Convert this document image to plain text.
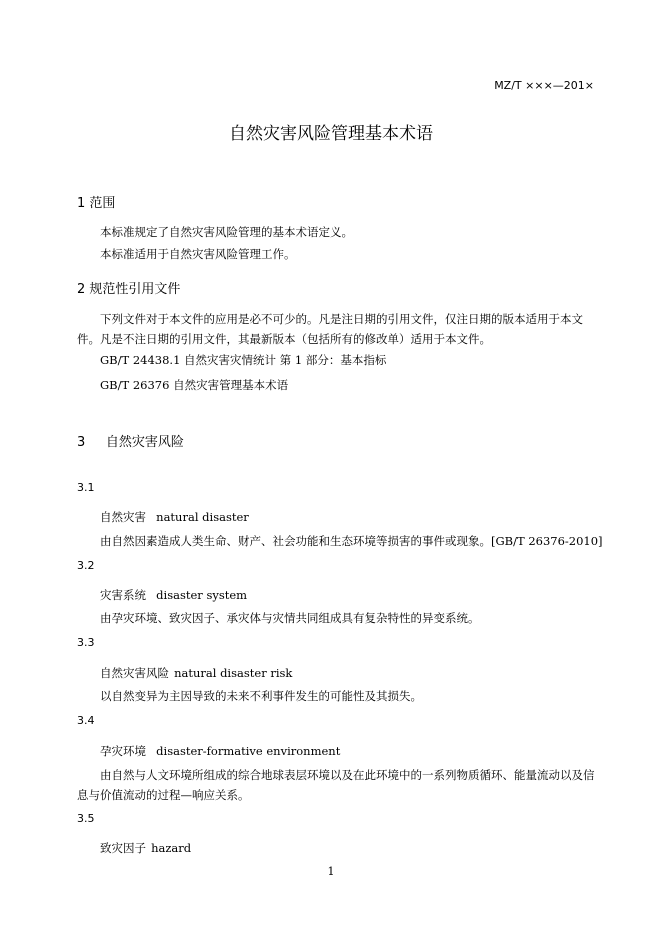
MZ/T ×××—201×
自然灾害风险管理基本术语
1 范围
本标准规定了自然灾害风险管理的基本术语定义。
本标准适用于自然灾害风险管理工作。
2 规范性引用文件
下列文件对于本文件的应用是必不可少的。凡是注日期的引用文件，仅注日期的版本适用于本文件。凡是不注日期的引用文件，其最新版本（包括所有的修改单）适用于本文件。
GB/T 24438.1 自然灾害灾情统计 第 1 部分：基本指标
GB/T 26376 自然灾害管理基本术语
3     自然灾害风险
3.1
自然灾害 natural disaster
由自然因素造成人类生命、财产、社会功能和生态环境等损害的事件或现象。[GB/T 26376-2010]
3.2
灾害系统 disaster system
由孕灾环境、致灾因子、承灾体与灾情共同组成具有复杂特性的异变系统。
3.3
自然灾害风险 natural disaster risk
以自然变异为主因导致的未来不利事件发生的可能性及其损失。
3.4
孕灾环境 disaster-formative environment
由自然与人文环境所组成的综合地球表层环境以及在此环境中的一系列物质循环、能量流动以及信息与价值流动的过程—响应关系。
3.5
致灾因子 hazard
1
